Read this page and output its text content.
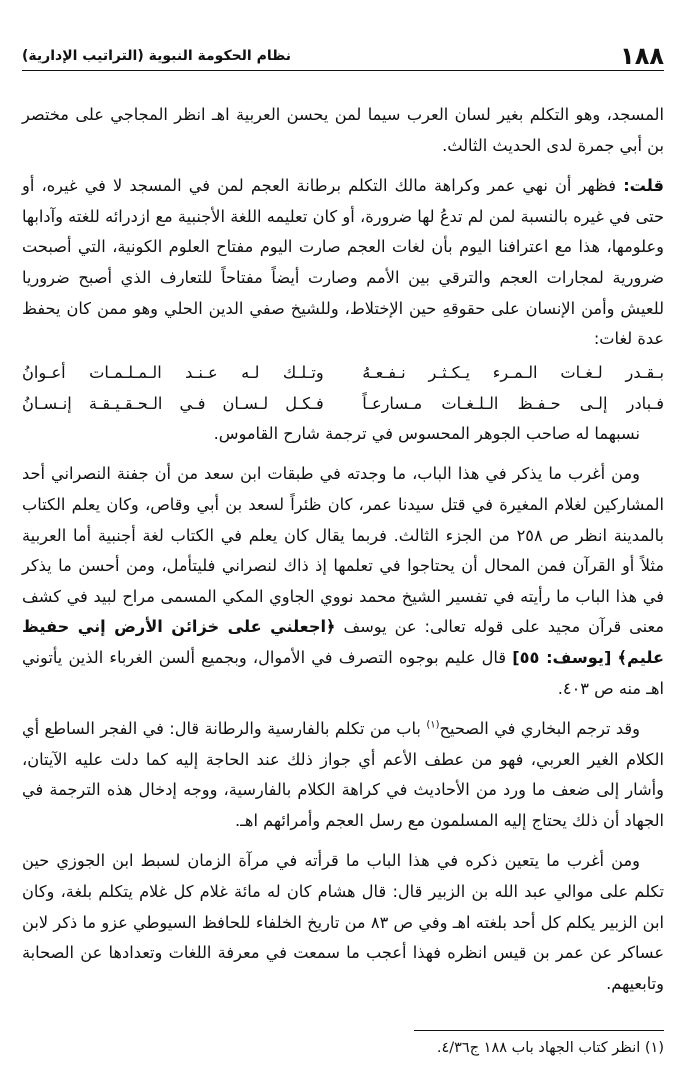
١٨٨
نظام الحكومة النبوية (التراتيب الإدارية)

المسجد، وهو التكلم بغير لسان العرب سيما لمن يحسن العربية اهـ انظر المجاجي على مختصر بن أبي جمرة لدى الحديث الثالث.

قلت: فظهر أن نهي عمر وكراهة مالك التكلم برطانة العجم لمن في المسجد لا في غيره، أو حتى في غيره بالنسبة لمن لم تدعُ لها ضرورة، أو كان تعليمه اللغة الأجنبية مع ازدرائه للغته وآدابها وعلومها، هذا مع اعترافنا اليوم بأن لغات العجم صارت اليوم مفتاح العلوم الكونية، التي أصبحت ضرورية لمجارات العجم والترقي بين الأمم وصارت أيضاً مفتاحاً للتعارف الذي أصبح ضروريا للعيش وأمن الإنسان على حقوقهِ حين الإختلاط، وللشيخ صفي الدين الحلي وهو ممن كان يحفظ عدة لغات:

بـقـدر لـغـات الـمـرء يـكـثـر نـفـعـهُ
وتـلـك لـه عـنـد الـمـلـمـات أعـوانُ
فـبادر إلـى حـفـظ الـلـغـات مـسارعـاً
فـكـل لـسـان فـي الـحـقـيـقـة إنـسـانُ

نسبهما له صاحب الجوهر المحسوس في ترجمة شارح القاموس.

ومن أغرب ما يذكر في هذا الباب، ما وجدته في طبقات ابن سعد من أن جفنة النصراني أحد المشاركين لغلام المغيرة في قتل سيدنا عمر، كان ظئراً لسعد بن أبي وقاص، وكان يعلم الكتاب بالمدينة انظر ص ٢٥٨ من الجزء الثالث. فربما يقال كان يعلم في الكتاب لغة أجنبية أما العربية مثلاً أو القرآن فمن المحال أن يحتاجوا في تعلمها إذ ذاك لنصراني فليتأمل، ومن أحسن ما يذكر في هذا الباب ما رأيته في تفسير الشيخ محمد نووي الجاوي المكي المسمى مراح لبيد في كشف معنى قرآن مجيد على قوله تعالى: عن يوسف ﴿اجعلني على خزائن الأرض إني حفيظ عليم﴾ [يوسف: ٥٥] قال عليم بوجوه التصرف في الأموال، وبجميع ألسن الغرباء الذين يأتوني اهـ منه ص ٤٠٣.

وقد ترجم البخاري في الصحيح$^{(١)}$ باب من تكلم بالفارسية والرطانة قال: في الفجر الساطع أي الكلام الغير العربي، فهو من عطف الأعم أي جواز ذلك عند الحاجة إليه كما دلت عليه الآيتان، وأشار إلى ضعف ما ورد من الأحاديث في كراهة الكلام بالفارسية، ووجه إدخال هذه الترجمة في الجهاد أن ذلك يحتاج إليه المسلمون مع رسل العجم وأمرائهم اهـ.

ومن أغرب ما يتعين ذكره في هذا الباب ما قرأته في مرآة الزمان لسبط ابن الجوزي حين تكلم على موالي عبد الله بن الزبير قال: قال هشام كان له مائة غلام كل غلام يتكلم بلغة، وكان ابن الزبير يكلم كل أحد بلغته اهـ وفي ص ٨٣ من تاريخ الخلفاء للحافظ السيوطي عزو ما ذكر لابن عساكر عن عمر بن قيس انظره فهذا أعجب ما سمعت في معرفة اللغات وتعدادها عن الصحابة وتابعيهم.

(١) انظر كتاب الجهاد باب ١٨٨ ج٤/٣٦.
